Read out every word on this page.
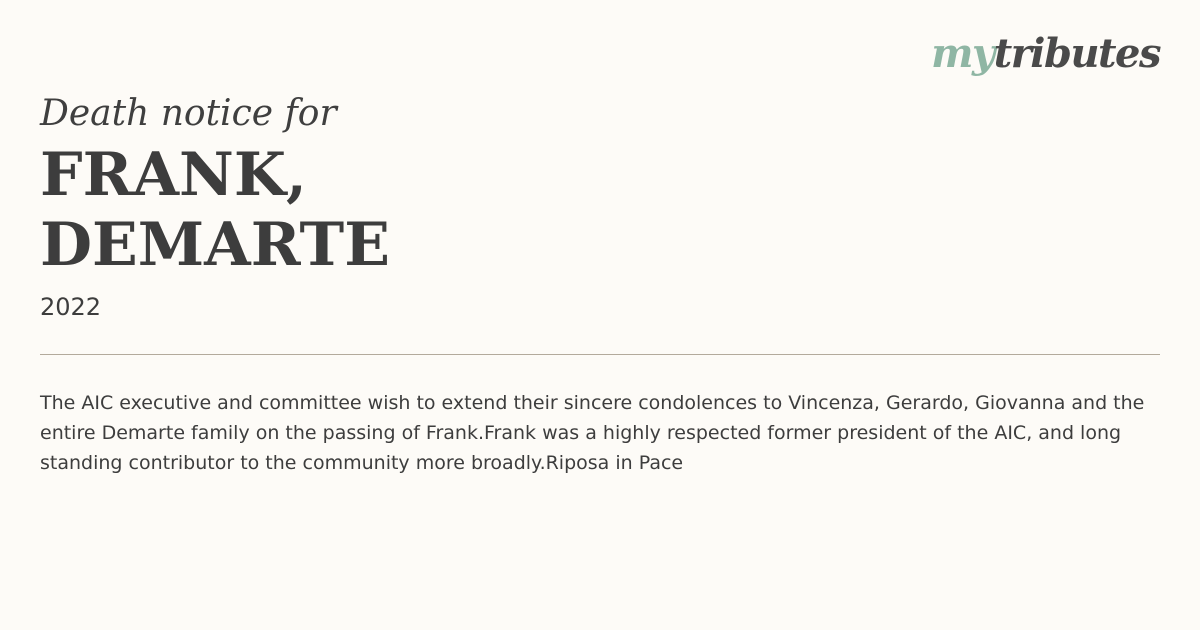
mytributes
Death notice for
FRANK,
DEMARTE
2022

The AIC executive and committee wish to extend their sincere condolences to Vincenza, Gerardo, Giovanna and the entire Demarte family on the passing of Frank.Frank was a highly respected former president of the AIC, and long standing contributor to the community more broadly.Riposa in Pace
